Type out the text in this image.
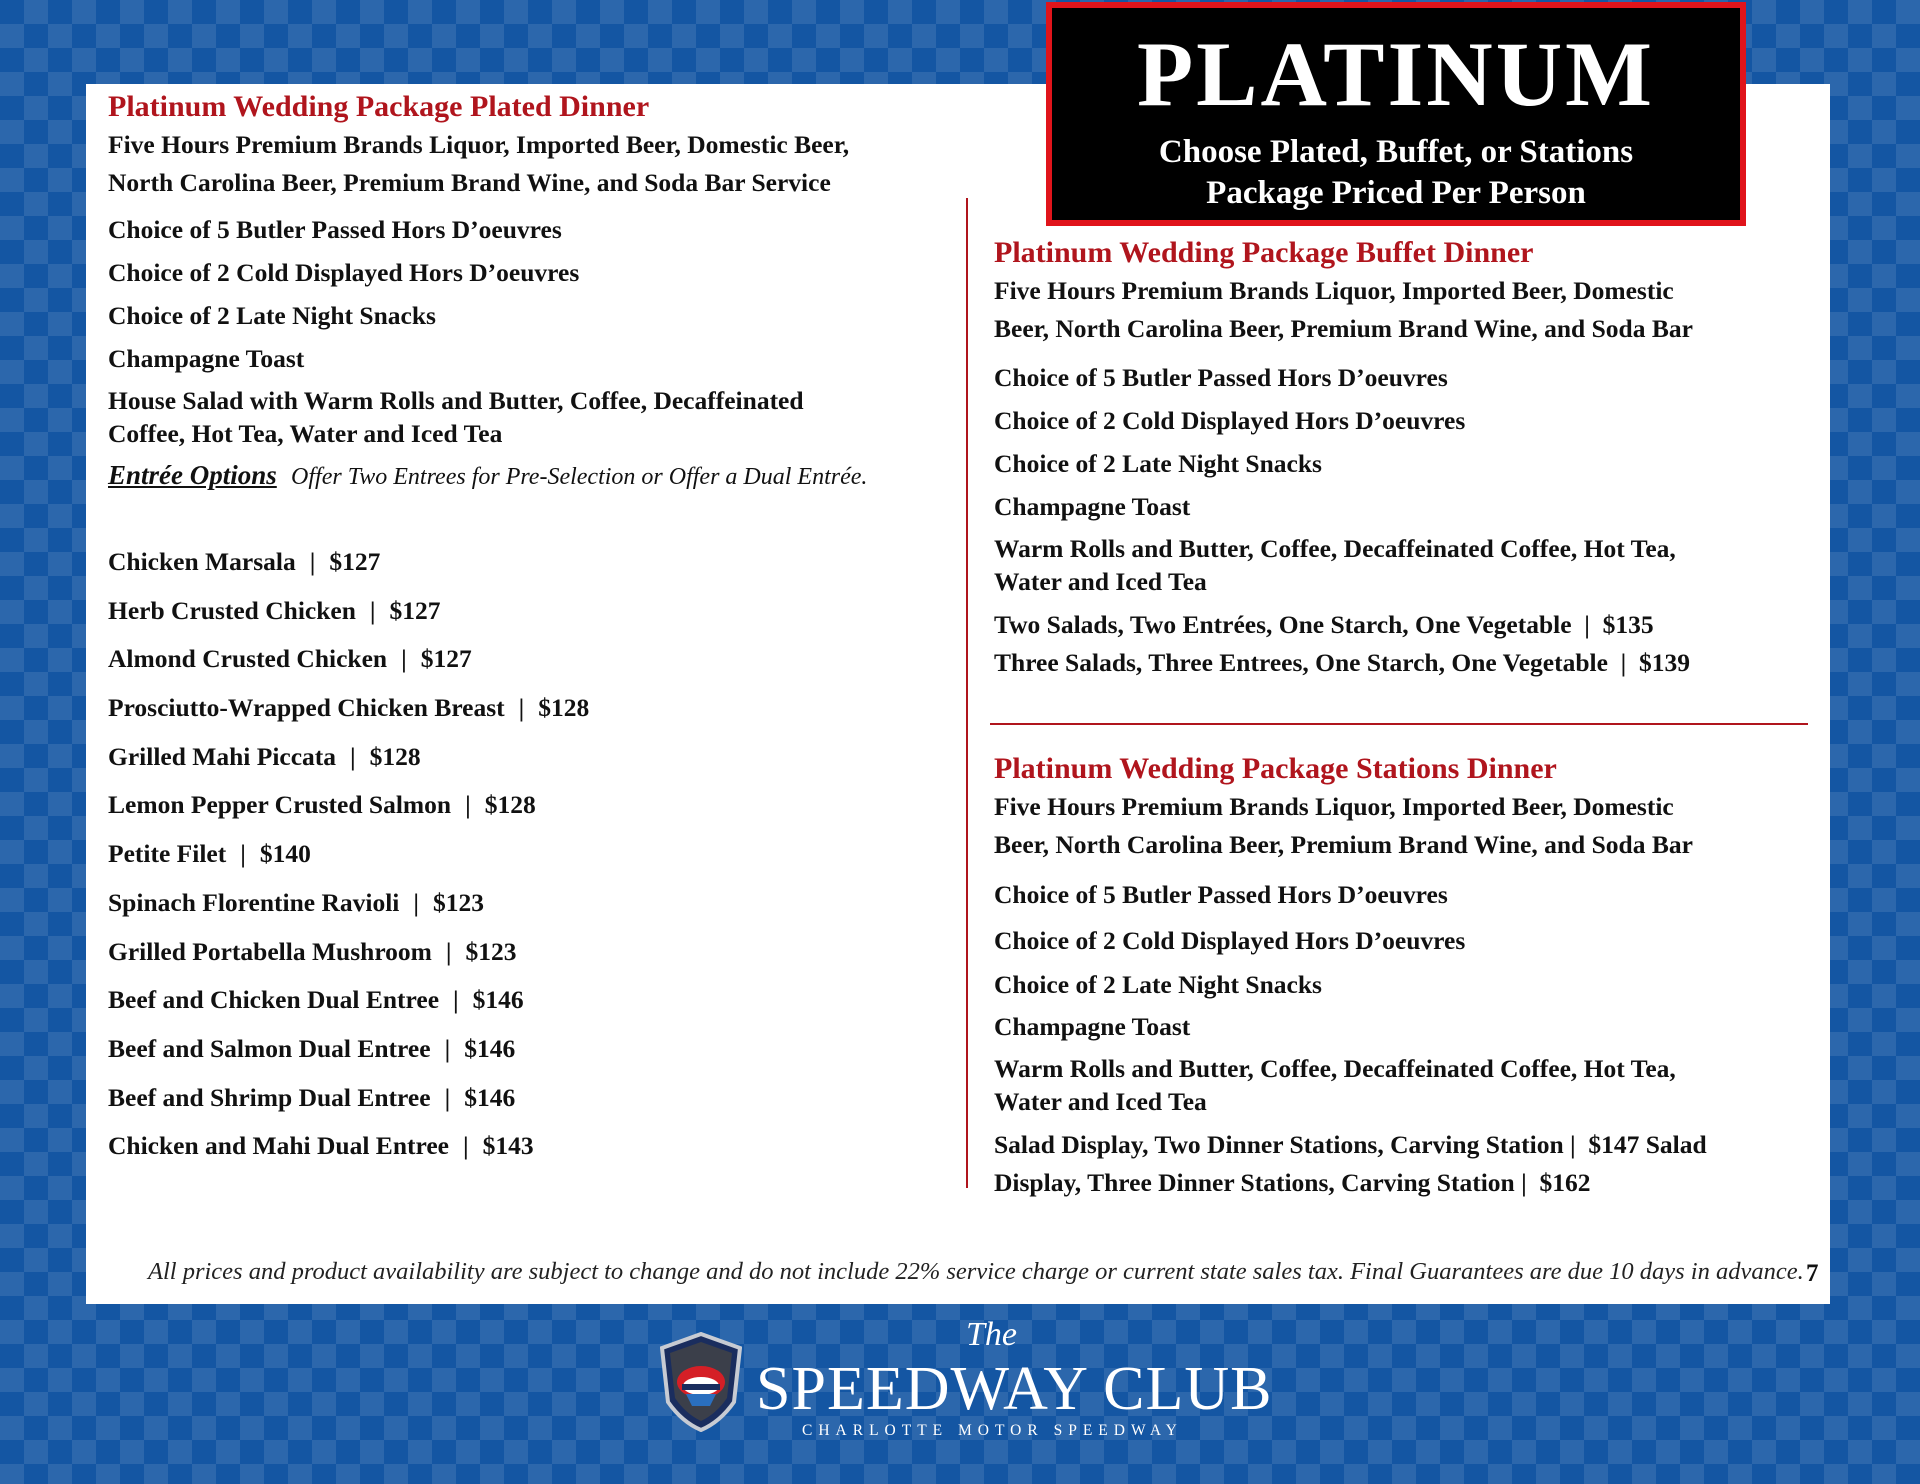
PLATINUM
Choose Plated, Buffet, or Stations
Package Priced Per Person
Platinum Wedding Package Plated Dinner

Five Hours Premium Brands Liquor, Imported Beer, Domestic Beer,

North Carolina Beer, Premium Brand Wine, and Soda Bar Service

Choice of 5 Butler Passed Hors D’oeuvres

Choice of 2 Cold Displayed Hors D’oeuvres

Choice of 2 Late Night Snacks

Champagne Toast

House Salad with Warm Rolls and Butter, Coffee, Decaffeinated

Coffee, Hot Tea, Water and Iced Tea

Entrée Options Offer Two Entrees for Pre-Selection or Offer a Dual Entrée.
Chicken Marsala | $127
Herb Crusted Chicken | $127
Almond Crusted Chicken | $127
Prosciutto-Wrapped Chicken Breast | $128
Grilled Mahi Piccata | $128
Lemon Pepper Crusted Salmon | $128
Petite Filet | $140
Spinach Florentine Ravioli | $123
Grilled Portabella Mushroom | $123
Beef and Chicken Dual Entree | $146
Beef and Salmon Dual Entree | $146
Beef and Shrimp Dual Entree | $146
Chicken and Mahi Dual Entree | $143
Platinum Wedding Package Buffet Dinner

Five Hours Premium Brands Liquor, Imported Beer, Domestic

Beer, North Carolina Beer, Premium Brand Wine, and Soda Bar

Choice of 5 Butler Passed Hors D’oeuvres

Choice of 2 Cold Displayed Hors D’oeuvres

Choice of 2 Late Night Snacks

Champagne Toast

Warm Rolls and Butter, Coffee, Decaffeinated Coffee, Hot Tea,

Water and Iced Tea

Two Salads, Two Entrées, One Starch, One Vegetable  |  $135

Three Salads, Three Entrees, One Starch, One Vegetable  |  $139

Platinum Wedding Package Stations Dinner

Five Hours Premium Brands Liquor, Imported Beer, Domestic

Beer, North Carolina Beer, Premium Brand Wine, and Soda Bar

Choice of 5 Butler Passed Hors D’oeuvres

Choice of 2 Cold Displayed Hors D’oeuvres

Choice of 2 Late Night Snacks

Champagne Toast

Warm Rolls and Butter, Coffee, Decaffeinated Coffee, Hot Tea,

Water and Iced Tea

Salad Display, Two Dinner Stations, Carving Station |  $147 Salad

Display, Three Dinner Stations, Carving Station |  $162

All prices and product availability are subject to change and do not include 22% service charge or current state sales tax. Final Guarantees are due 10 days in advance. 7
The
SPEEDWAY CLUB
CHARLOTTE MOTOR SPEEDWAY
